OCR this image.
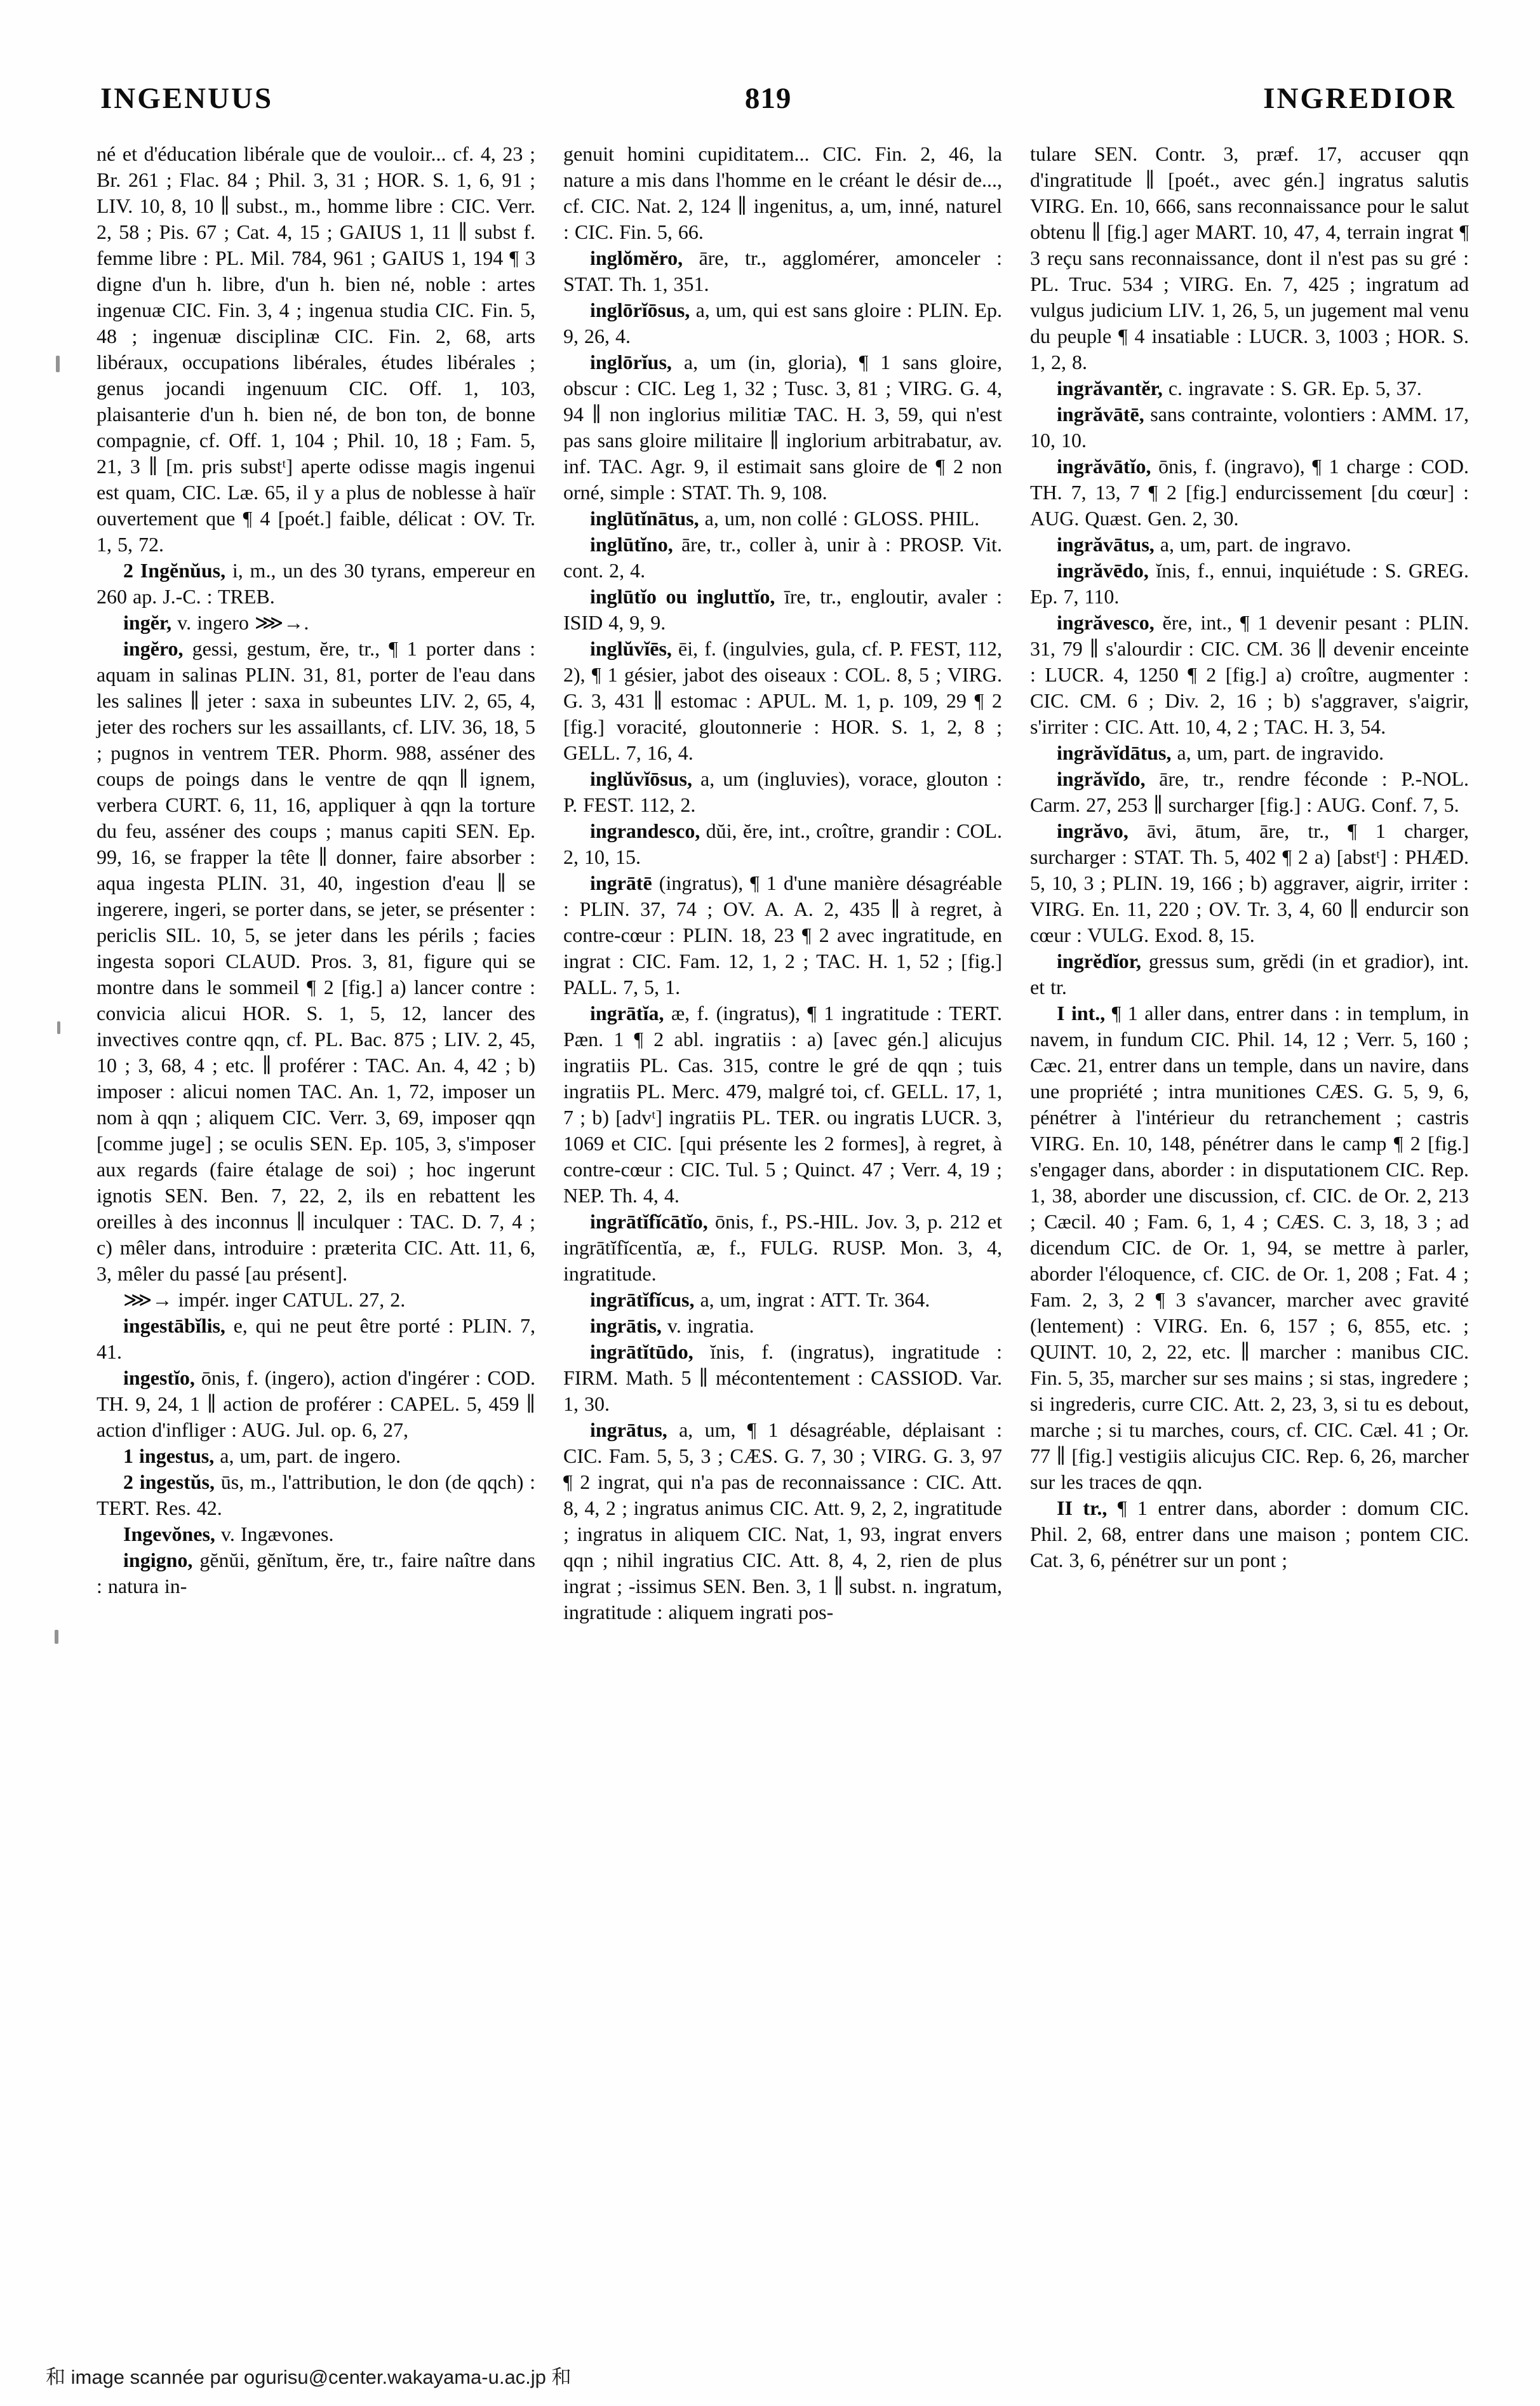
INGENUUS	819	INGREDIOR

né et d'éducation libérale que de vouloir... cf. 4, 23 ; Br. 261 ; Flac. 84 ; Phil. 3, 31 ; HOR. S. 1, 6, 91 ; LIV. 10, 8, 10 ∥ subst., m., homme libre : CIC. Verr. 2, 58 ; Pis. 67 ; Cat. 4, 15 ; GAIUS 1, 11 ∥ subst f. femme libre : PL. Mil. 784, 961 ; GAIUS 1, 194 ¶ 3 digne d'un h. libre, d'un h. bien né, noble : artes ingenuæ CIC. Fin. 3, 4 ; ingenua studia CIC. Fin. 5, 48 ; ingenuæ disciplinæ CIC. Fin. 2, 68, arts libéraux, occupations libérales, études libérales ; genus jocandi ingenuum CIC. Off. 1, 103, plaisanterie d'un h. bien né, de bon ton, de bonne compagnie, cf. Off. 1, 104 ; Phil. 10, 18 ; Fam. 5, 21, 3 ∥ [m. pris substᵗ] aperte odisse magis ingenui est quam, CIC. Læ. 65, il y a plus de noblesse à haïr ouvertement que ¶ 4 [poét.] faible, délicat : OV. Tr. 1, 5, 72.

2 Ingĕnŭus, i, m., un des 30 tyrans, empereur en 260 ap. J.-C. : TREB.

ingĕr, v. ingero ⋙→.

ingĕro, gessi, gestum, ĕre, tr., ¶ 1 porter dans : aquam in salinas PLIN. 31, 81, porter de l'eau dans les salines ∥ jeter : saxa in subeuntes LIV. 2, 65, 4, jeter des rochers sur les assaillants, cf. LIV. 36, 18, 5 ; pugnos in ventrem TER. Phorm. 988, asséner des coups de poings dans le ventre de qqn ∥ ignem, verbera CURT. 6, 11, 16, appliquer à qqn la torture du feu, asséner des coups ; manus capiti SEN. Ep. 99, 16, se frapper la tête ∥ donner, faire absorber : aqua ingesta PLIN. 31, 40, ingestion d'eau ∥ se ingerere, ingeri, se porter dans, se jeter, se présenter : periclis SIL. 10, 5, se jeter dans les périls ; facies ingesta sopori CLAUD. Pros. 3, 81, figure qui se montre dans le sommeil ¶ 2 [fig.] a) lancer contre : convicia alicui HOR. S. 1, 5, 12, lancer des invectives contre qqn, cf. PL. Bac. 875 ; LIV. 2, 45, 10 ; 3, 68, 4 ; etc. ∥ proférer : TAC. An. 4, 42 ; b) imposer : alicui nomen TAC. An. 1, 72, imposer un nom à qqn ; aliquem CIC. Verr. 3, 69, imposer qqn [comme juge] ; se oculis SEN. Ep. 105, 3, s'imposer aux regards (faire étalage de soi) ; hoc ingerunt ignotis SEN. Ben. 7, 22, 2, ils en rebattent les oreilles à des inconnus ∥ inculquer : TAC. D. 7, 4 ; c) mêler dans, introduire : præterita CIC. Att. 11, 6, 3, mêler du passé [au présent].

⋙→ impér. inger CATUL. 27, 2.

ingestābĭlis, e, qui ne peut être porté : PLIN. 7, 41.

ingestĭo, ōnis, f. (ingero), action d'ingérer : COD. TH. 9, 24, 1 ∥ action de proférer : CAPEL. 5, 459 ∥ action d'infliger : AUG. Jul. op. 6, 27,

1 ingestus, a, um, part. de ingero.

2 ingestŭs, ūs, m., l'attribution, le don (de qqch) : TERT. Res. 42.

Ingevŏnes, v. Ingævones.

ingigno, gĕnŭi, gĕnĭtum, ĕre, tr., faire naître dans : natura in-

genuit homini cupiditatem... CIC. Fin. 2, 46, la nature a mis dans l'homme en le créant le désir de..., cf. CIC. Nat. 2, 124 ∥ ingenitus, a, um, inné, naturel : CIC. Fin. 5, 66.

inglŏmĕro, āre, tr., agglomérer, amonceler : STAT. Th. 1, 351.

inglōrĭōsus, a, um, qui est sans gloire : PLIN. Ep. 9, 26, 4.

inglōrĭus, a, um (in, gloria), ¶ 1 sans gloire, obscur : CIC. Leg 1, 32 ; Tusc. 3, 81 ; VIRG. G. 4, 94 ∥ non inglorius militiæ TAC. H. 3, 59, qui n'est pas sans gloire militaire ∥ inglorium arbitrabatur, av. inf. TAC. Agr. 9, il estimait sans gloire de ¶ 2 non orné, simple : STAT. Th. 9, 108.

inglūtĭnātus, a, um, non collé : GLOSS. PHIL.

inglūtĭno, āre, tr., coller à, unir à : PROSP. Vit. cont. 2, 4.

inglūtĭo ou ingluttĭo, īre, tr., engloutir, avaler : ISID 4, 9, 9.

inglŭvĭēs, ēi, f. (ingulvies, gula, cf. P. FEST, 112, 2), ¶ 1 gésier, jabot des oiseaux : COL. 8, 5 ; VIRG. G. 3, 431 ∥ estomac : APUL. M. 1, p. 109, 29 ¶ 2 [fig.] voracité, gloutonnerie : HOR. S. 1, 2, 8 ; GELL. 7, 16, 4.

inglŭvĭōsus, a, um (ingluvies), vorace, glouton : P. FEST. 112, 2.

ingrandesco, dŭi, ĕre, int., croître, grandir : COL. 2, 10, 15.

ingrātē (ingratus), ¶ 1 d'une manière désagréable : PLIN. 37, 74 ; OV. A. A. 2, 435 ∥ à regret, à contre-cœur : PLIN. 18, 23 ¶ 2 avec ingratitude, en ingrat : CIC. Fam. 12, 1, 2 ; TAC. H. 1, 52 ; [fig.] PALL. 7, 5, 1.

ingrātĭa, æ, f. (ingratus), ¶ 1 ingratitude : TERT. Pæn. 1 ¶ 2 abl. ingratiis : a) [avec gén.] alicujus ingratiis PL. Cas. 315, contre le gré de qqn ; tuis ingratiis PL. Merc. 479, malgré toi, cf. GELL. 17, 1, 7 ; b) [advᵗ] ingratiis PL. TER. ou ingratis LUCR. 3, 1069 et CIC. [qui présente les 2 formes], à regret, à contre-cœur : CIC. Tul. 5 ; Quinct. 47 ; Verr. 4, 19 ; NEP. Th. 4, 4.

ingrātĭfĭcātĭo, ōnis, f., PS.-HIL. Jov. 3, p. 212 et ingrātĭfĭcentĭa, æ, f., FULG. RUSP. Mon. 3, 4, ingratitude.

ingrātĭfĭcus, a, um, ingrat : ATT. Tr. 364.

ingrātis, v. ingratia.

ingrātĭtūdo, ĭnis, f. (ingratus), ingratitude : FIRM. Math. 5 ∥ mécontentement : CASSIOD. Var. 1, 30.

ingrātus, a, um, ¶ 1 désagréable, déplaisant : CIC. Fam. 5, 5, 3 ; CÆS. G. 7, 30 ; VIRG. G. 3, 97 ¶ 2 ingrat, qui n'a pas de reconnaissance : CIC. Att. 8, 4, 2 ; ingratus animus CIC. Att. 9, 2, 2, ingratitude ; ingratus in aliquem CIC. Nat, 1, 93, ingrat envers qqn ; nihil ingratius CIC. Att. 8, 4, 2, rien de plus ingrat ; -issimus SEN. Ben. 3, 1 ∥ subst. n. ingratum, ingratitude : aliquem ingrati pos-

tulare SEN. Contr. 3, præf. 17, accuser qqn d'ingratitude ∥ [poét., avec gén.] ingratus salutis VIRG. En. 10, 666, sans reconnaissance pour le salut obtenu ∥ [fig.] ager MART. 10, 47, 4, terrain ingrat ¶ 3 reçu sans reconnaissance, dont il n'est pas su gré : PL. Truc. 534 ; VIRG. En. 7, 425 ; ingratum ad vulgus judicium LIV. 1, 26, 5, un jugement mal venu du peuple ¶ 4 insatiable : LUCR. 3, 1003 ; HOR. S. 1, 2, 8.

ingrăvantĕr, c. ingravate : S. GR. Ep. 5, 37.

ingrăvātē, sans contrainte, volontiers : AMM. 17, 10, 10.

ingrăvātĭo, ōnis, f. (ingravo), ¶ 1 charge : COD. TH. 7, 13, 7 ¶ 2 [fig.] endurcissement [du cœur] : AUG. Quæst. Gen. 2, 30.

ingrăvātus, a, um, part. de ingravo.

ingrăvēdo, ĭnis, f., ennui, inquiétude : S. GREG. Ep. 7, 110.

ingrăvesco, ĕre, int., ¶ 1 devenir pesant : PLIN. 31, 79 ∥ s'alourdir : CIC. CM. 36 ∥ devenir enceinte : LUCR. 4, 1250 ¶ 2 [fig.] a) croître, augmenter : CIC. CM. 6 ; Div. 2, 16 ; b) s'aggraver, s'aigrir, s'irriter : CIC. Att. 10, 4, 2 ; TAC. H. 3, 54.

ingrăvĭdātus, a, um, part. de ingravido.

ingrăvĭdo, āre, tr., rendre féconde : P.-NOL. Carm. 27, 253 ∥ surcharger [fig.] : AUG. Conf. 7, 5.

ingrăvo, āvi, ātum, āre, tr., ¶ 1 charger, surcharger : STAT. Th. 5, 402 ¶ 2 a) [abstᵗ] : PHÆD. 5, 10, 3 ; PLIN. 19, 166 ; b) aggraver, aigrir, irriter : VIRG. En. 11, 220 ; OV. Tr. 3, 4, 60 ∥ endurcir son cœur : VULG. Exod. 8, 15.

ingrĕdĭor, gressus sum, grĕdi (in et gradior), int. et tr.

I int., ¶ 1 aller dans, entrer dans : in templum, in navem, in fundum CIC. Phil. 14, 12 ; Verr. 5, 160 ; Cæc. 21, entrer dans un temple, dans un navire, dans une propriété ; intra munitiones CÆS. G. 5, 9, 6, pénétrer à l'intérieur du retranchement ; castris VIRG. En. 10, 148, pénétrer dans le camp ¶ 2 [fig.] s'engager dans, aborder : in disputationem CIC. Rep. 1, 38, aborder une discussion, cf. CIC. de Or. 2, 213 ; Cæcil. 40 ; Fam. 6, 1, 4 ; CÆS. C. 3, 18, 3 ; ad dicendum CIC. de Or. 1, 94, se mettre à parler, aborder l'éloquence, cf. CIC. de Or. 1, 208 ; Fat. 4 ; Fam. 2, 3, 2 ¶ 3 s'avancer, marcher avec gravité (lentement) : VIRG. En. 6, 157 ; 6, 855, etc. ; QUINT. 10, 2, 22, etc. ∥ marcher : manibus CIC. Fin. 5, 35, marcher sur ses mains ; si stas, ingredere ; si ingrederis, curre CIC. Att. 2, 23, 3, si tu es debout, marche ; si tu marches, cours, cf. CIC. Cæl. 41 ; Or. 77 ∥ [fig.] vestigiis alicujus CIC. Rep. 6, 26, marcher sur les traces de qqn.

II tr., ¶ 1 entrer dans, aborder : domum CIC. Phil. 2, 68, entrer dans une maison ; pontem CIC. Cat. 3, 6, pénétrer sur un pont ;

和 image scannée par ogurisu@center.wakayama-u.ac.jp 和
